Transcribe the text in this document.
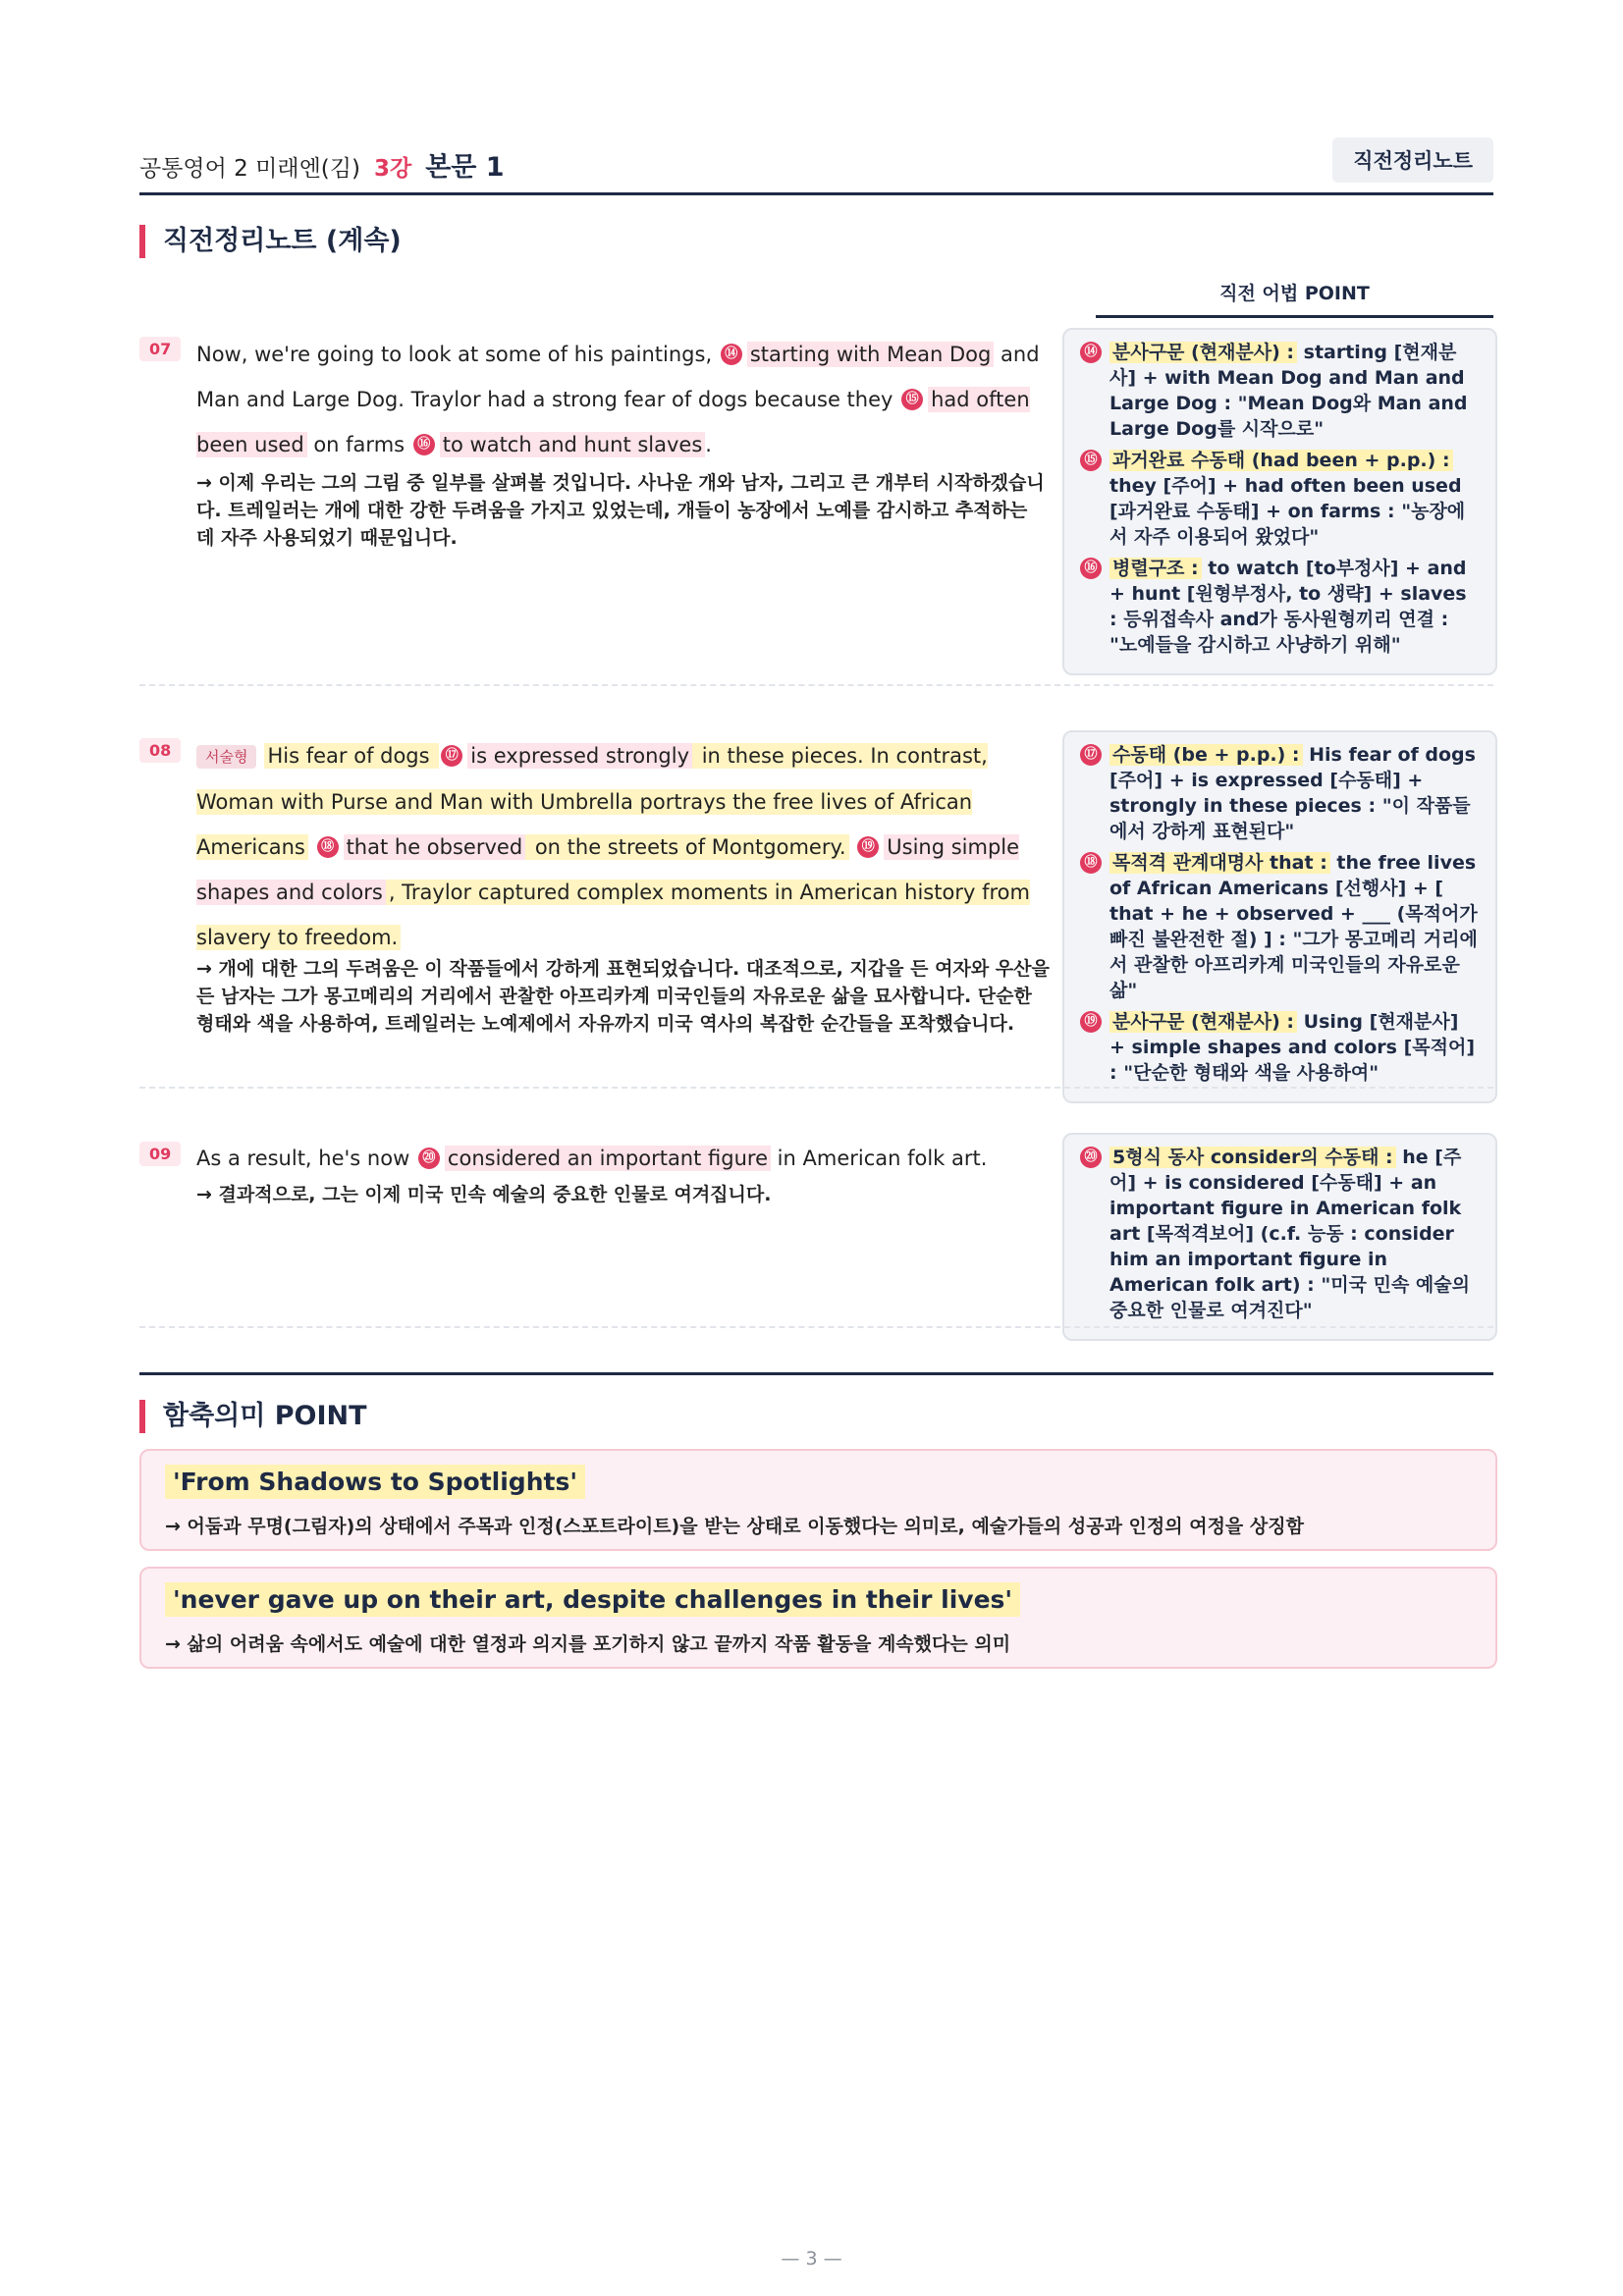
공통영어 2 미래엔(김) 3강 본문 1	직전정리노트
직전정리노트 (계속)
직전 어법 POINT
07	Now, we're going to look at some of his paintings, ⑭ starting with Mean Dog and Man and Large Dog. Traylor had a strong fear of dogs because they ⑮ had often been used on farms ⑯ to watch and hunt slaves .
→ 이제 우리는 그의 그림 중 일부를 살펴볼 것입니다. 사나운 개와 남자, 그리고 큰 개부터 시작하겠습니다. 트레일러는 개에 대한 강한 두려움을 가지고 있었는데, 개들이 농장에서 노예를 감시하고 추적하는 데 자주 사용되었기 때문입니다.
⑭ 분사구문 (현재분사) : starting [현재분사] + with Mean Dog and Man and Large Dog : "Mean Dog와 Man and Large Dog를 시작으로"
⑮ 과거완료 수동태 (had been + p.p.) : they [주어] + had often been used [과거완료 수동태] + on farms : "농장에서 자주 이용되어 왔었다"
⑯ 병렬구조 : to watch [to부정사] + and + hunt [원형부정사, to 생략] + slaves : 등위접속사 and가 동사원형끼리 연결 : "노예들을 감시하고 사냥하기 위해"
08	서술형 His fear of dogs ⑰ is expressed strongly in these pieces. In contrast, Woman with Purse and Man with Umbrella portrays the free lives of African Americans ⑱ that he observed on the streets of Montgomery. ⑲ Using simple shapes and colors , Traylor captured complex moments in American history from slavery to freedom.
→ 개에 대한 그의 두려움은 이 작품들에서 강하게 표현되었습니다. 대조적으로, 지갑을 든 여자와 우산을 든 남자는 그가 몽고메리의 거리에서 관찰한 아프리카계 미국인들의 자유로운 삶을 묘사합니다. 단순한 형태와 색을 사용하여, 트레일러는 노예제에서 자유까지 미국 역사의 복잡한 순간들을 포착했습니다.
⑰ 수동태 (be + p.p.) : His fear of dogs [주어] + is expressed [수동태] + strongly in these pieces : "이 작품들에서 강하게 표현된다"
⑱ 목적격 관계대명사 that : the free lives of African Americans [선행사] + [ that + he + observed + ___ (목적어가 빠진 불완전한 절) ] : "그가 몽고메리 거리에서 관찰한 아프리카계 미국인들의 자유로운 삶"
⑲ 분사구문 (현재분사) : Using [현재분사] + simple shapes and colors [목적어] : "단순한 형태와 색을 사용하여"
09	As a result, he's now ⑳ considered an important figure in American folk art.
→ 결과적으로, 그는 이제 미국 민속 예술의 중요한 인물로 여겨집니다.
⑳ 5형식 동사 consider의 수동태 : he [주어] + is considered [수동태] + an important figure in American folk art [목적격보어] (c.f. 능동 : consider him an important figure in American folk art) : "미국 민속 예술의 중요한 인물로 여겨진다"
함축의미 POINT
'From Shadows to Spotlights'
→ 어둠과 무명(그림자)의 상태에서 주목과 인정(스포트라이트)을 받는 상태로 이동했다는 의미로, 예술가들의 성공과 인정의 여정을 상징함
'never gave up on their art, despite challenges in their lives'
→ 삶의 어려움 속에서도 예술에 대한 열정과 의지를 포기하지 않고 끝까지 작품 활동을 계속했다는 의미
— 3 —
